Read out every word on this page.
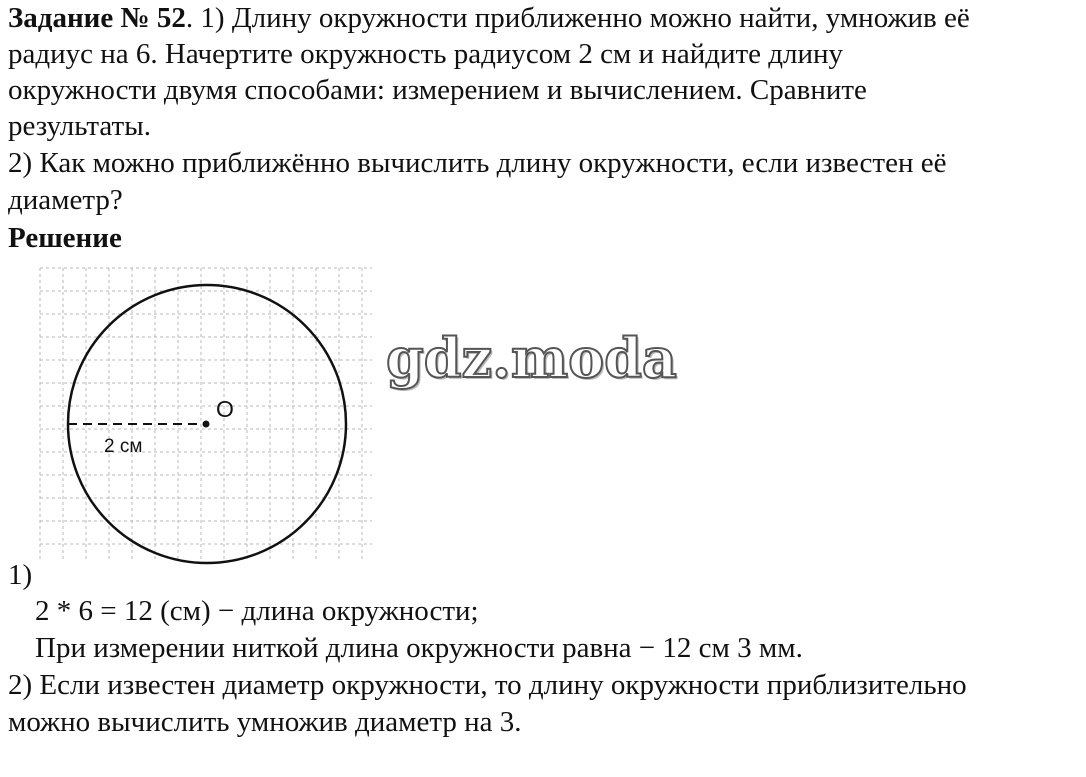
Задание № 52. 1) Длину окружности приближенно можно найти, умножив её
радиус на 6. Начертите окружность радиусом 2 см и найдите длину
окружности двумя способами: измерением и вычислением. Сравните
результаты.
2) Как можно приближённо вычислить длину окружности, если известен её
диаметр?
Решение
O
2 см
gdz.moda
1)
2 * 6 = 12 (см) − длина окружности;
При измерении ниткой длина окружности равна − 12 см 3 мм.
2) Если известен диаметр окружности, то длину окружности приблизительно
можно вычислить умножив диаметр на 3.
